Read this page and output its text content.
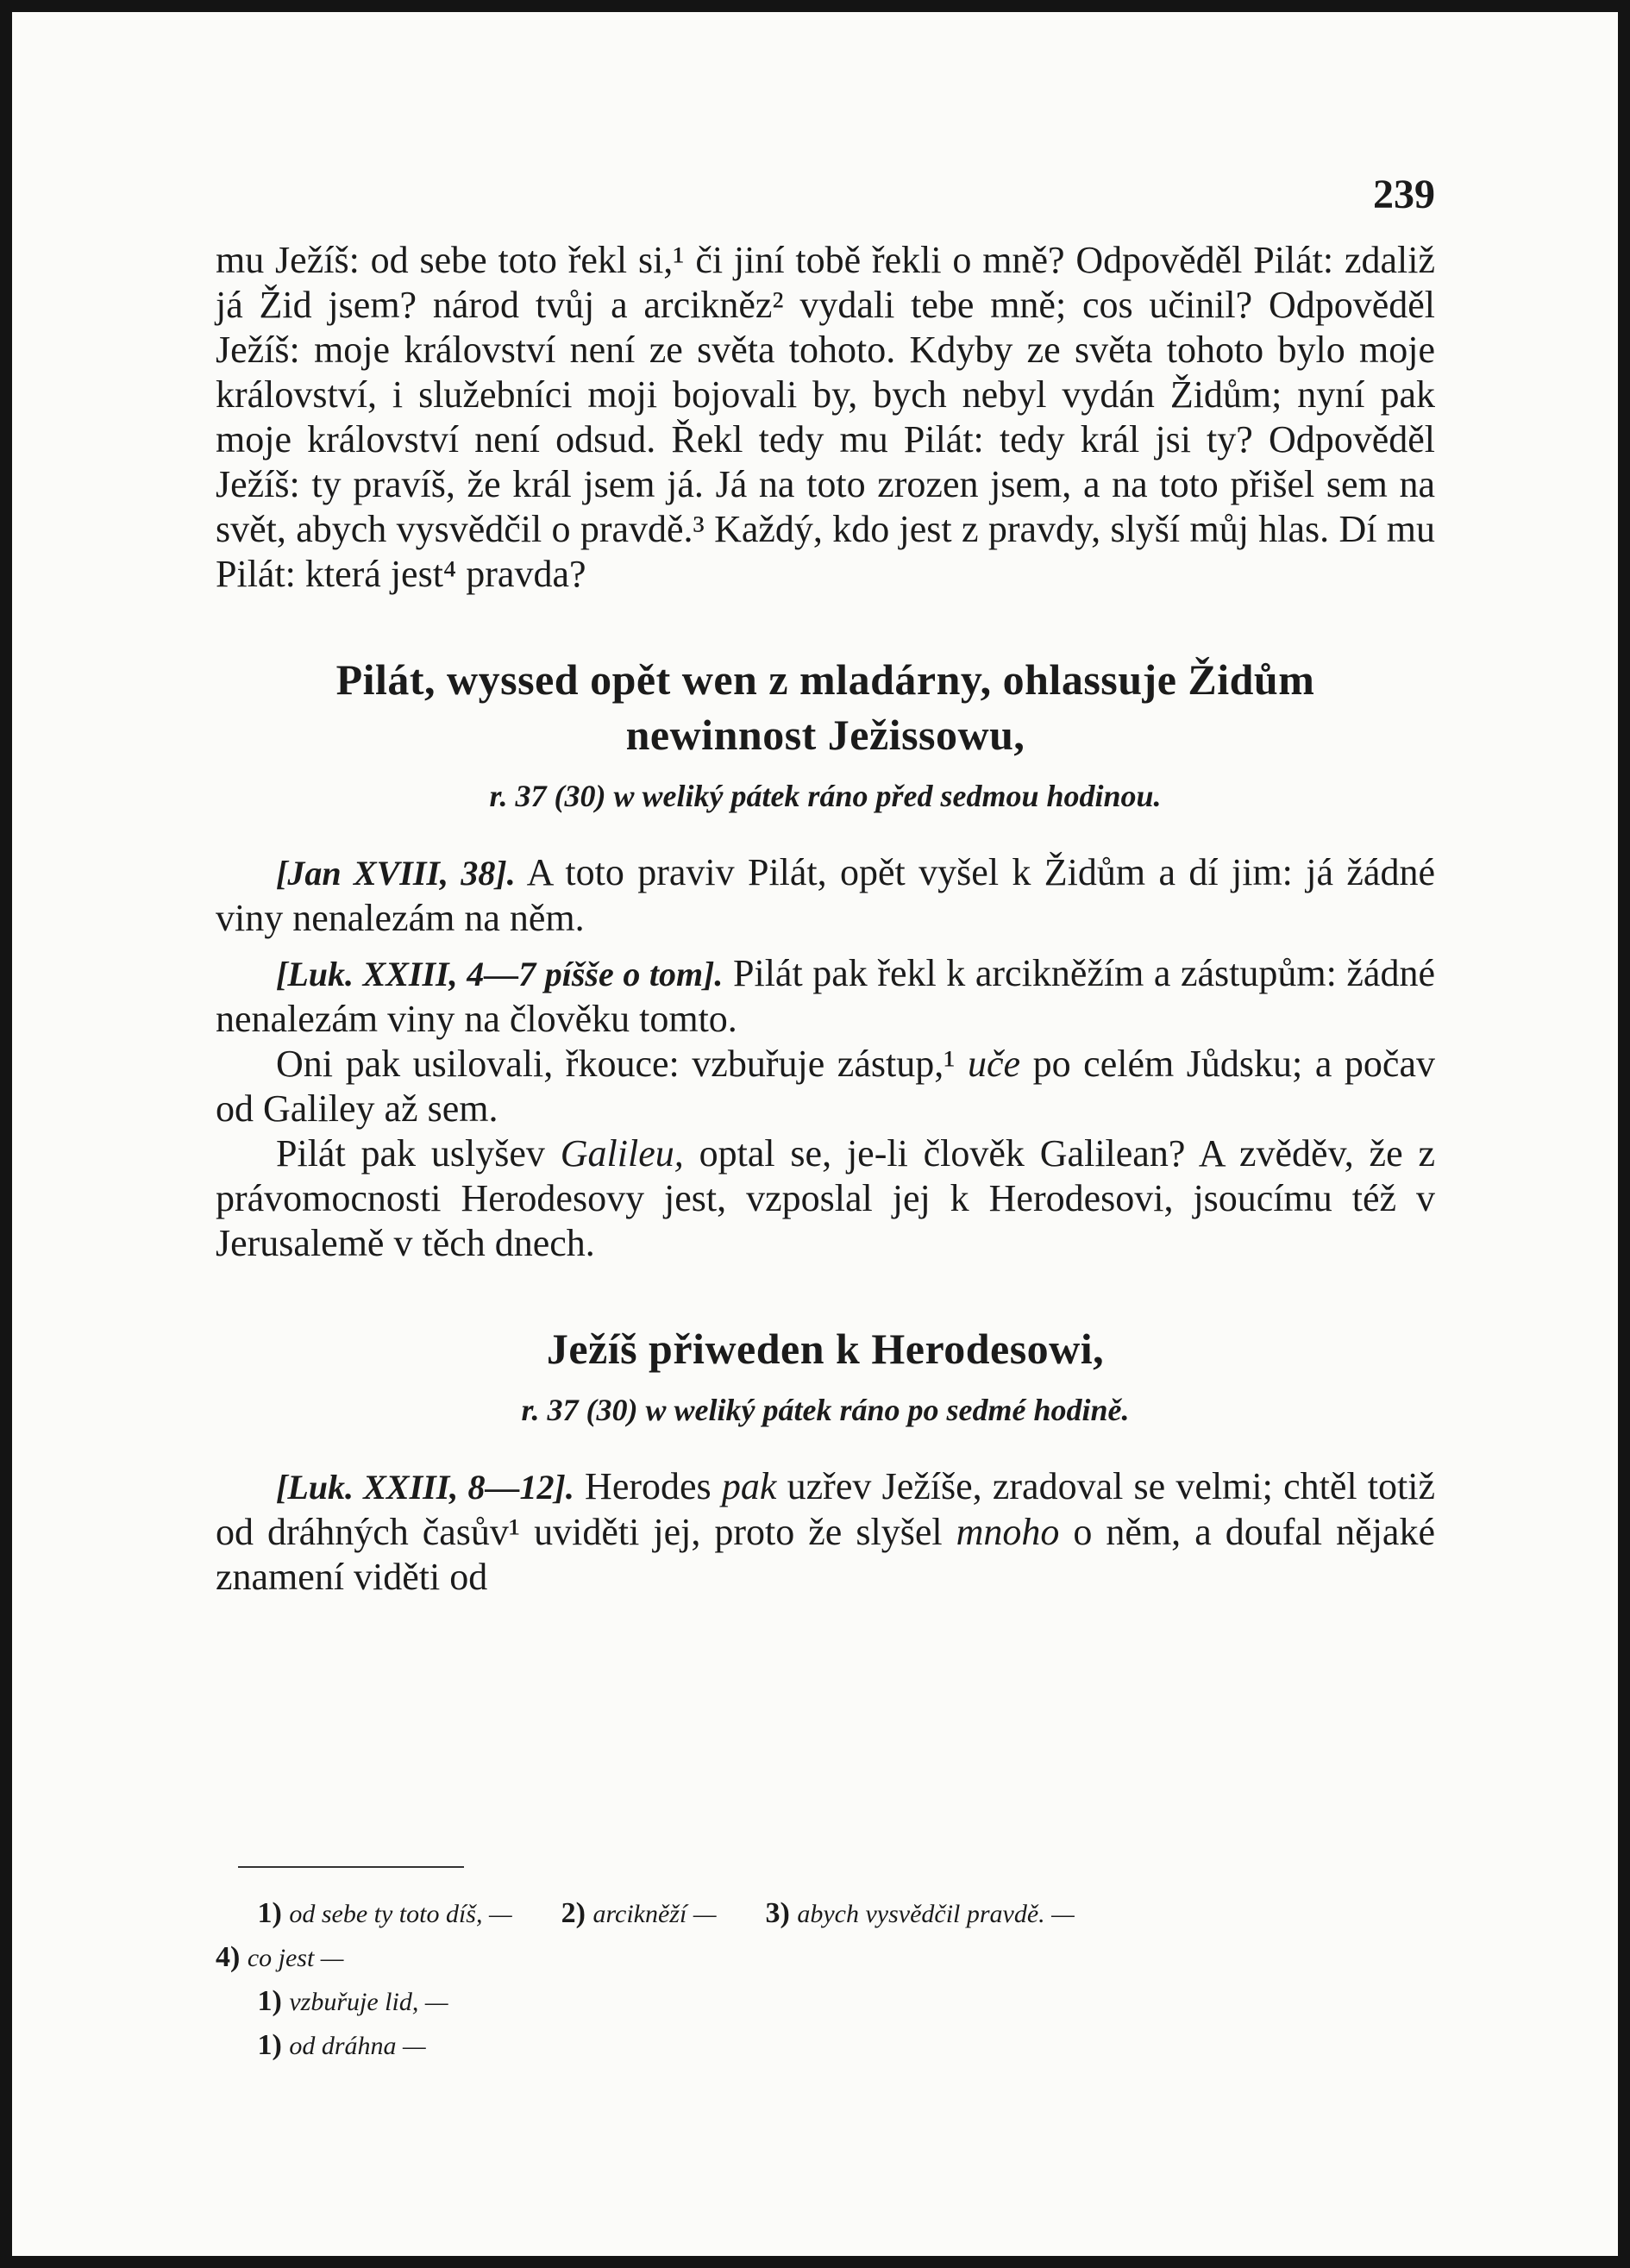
239

mu Ježíš: od sebe toto řekl si,¹ či jiní tobě řekli o mně? Odpověděl Pilát: zdaliž já Žid jsem? národ tvůj a arcikněz² vydali tebe mně; cos učinil? Odpověděl Ježíš: moje království není ze světa tohoto. Kdyby ze světa tohoto bylo moje království, i služebníci moji bojovali by, bych nebyl vydán Židům; nyní pak moje království není odsud. Řekl tedy mu Pilát: tedy král jsi ty? Odpověděl Ježíš: ty pravíš, že král jsem já. Já na toto zrozen jsem, a na toto přišel sem na svět, abych vysvědčil o pravdě.³ Každý, kdo jest z pravdy, slyší můj hlas. Dí mu Pilát: která jest⁴ pravda?

Pilát, wyssed opět wen z mladárny, ohlassuje Židům
newinnost Ježissowu,
r. 37 (30) w weliký pátek ráno před sedmou hodinou.

[Jan XVIII, 38]. A toto praviv Pilát, opět vyšel k Židům a dí jim: já žádné viny nenalezám na něm.

[Luk. XXIII, 4—7 píšše o tom]. Pilát pak řekl k arcikněžím a zástupům: žádné nenalezám viny na člověku tomto.

Oni pak usilovali, řkouce: vzbuřuje zástup,¹ uče po celém Jůdsku; a počav od Galiley až sem.

Pilát pak uslyšev Galileu, optal se, je-li člověk Galilean? A zvěděv, že z právomocnosti Herodesovy jest, vzposlal jej k Herodesovi, jsoucímu též v Jerusalemě v těch dnech.

Ježíš přiweden k Herodesowi,
r. 37 (30) w weliký pátek ráno po sedmé hodině.

[Luk. XXIII, 8—12]. Herodes pak uzřev Ježíše, zradoval se velmi; chtěl totiž od dráhných časův¹ uviděti jej, proto že slyšel mnoho o něm, a doufal nějaké znamení viděti od

1) od sebe ty toto díš, — 2) arcikněží — 3) abych vysvědčil pravdě. —
4) co jest —
1) vzbuřuje lid, —
1) od dráhna —
